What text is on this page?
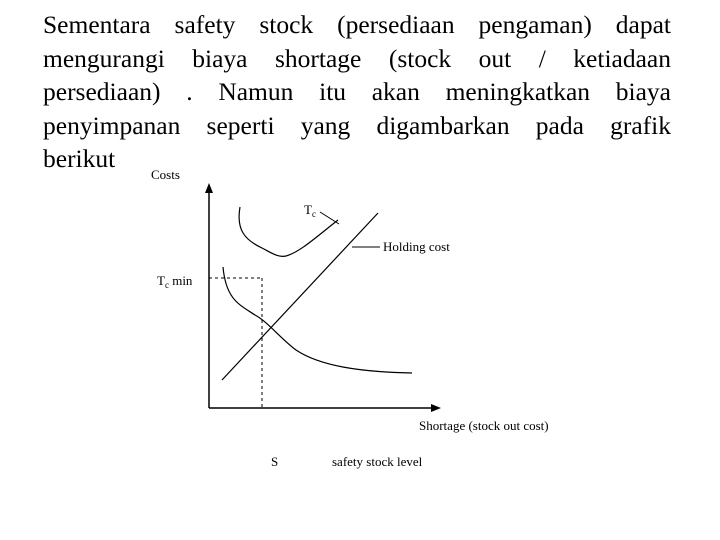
Sementara safety stock (persediaan pengaman) dapat
mengurangi biaya shortage (stock out / ketiadaan
persediaan) . Namun itu akan meningkatkan biaya
penyimpanan seperti yang digambarkan pada grafik
berikut

Costs
$T_c$
Holding cost
$T_c$ min
Shortage (stock out cost)
S	safety stock level
